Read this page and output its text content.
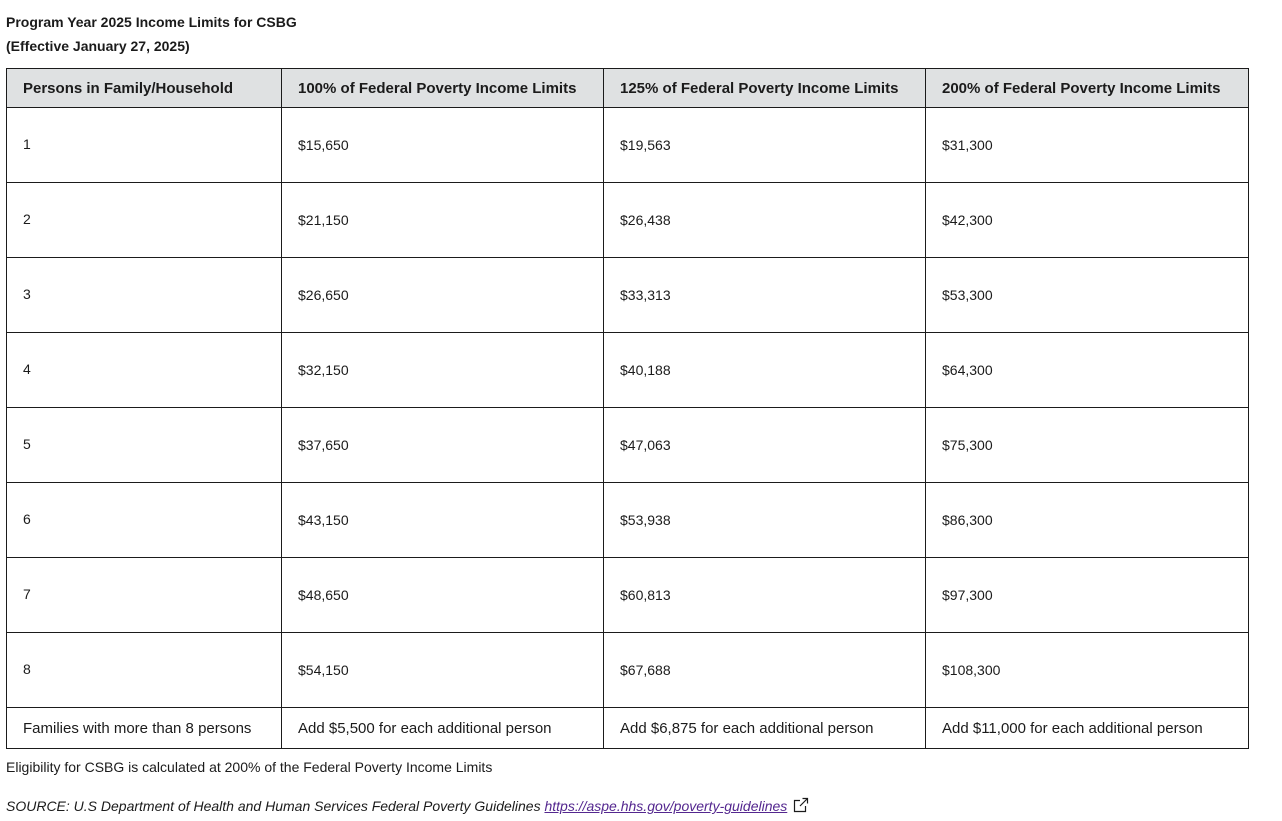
Program Year 2025 Income Limits for CSBG
(Effective January 27, 2025)
Persons in Family/Household	100% of Federal Poverty Income Limits	125% of Federal Poverty Income Limits	200% of Federal Poverty Income Limits
1	$15,650	$19,563	$31,300
2	$21,150	$26,438	$42,300
3	$26,650	$33,313	$53,300
4	$32,150	$40,188	$64,300
5	$37,650	$47,063	$75,300
6	$43,150	$53,938	$86,300
7	$48,650	$60,813	$97,300
8	$54,150	$67,688	$108,300
Families with more than 8 persons	Add $5,500 for each additional person	Add $6,875 for each additional person	Add $11,000 for each additional person
Eligibility for CSBG is calculated at 200% of the Federal Poverty Income Limits
SOURCE: U.S Department of Health and Human Services Federal Poverty Guidelines https://aspe.hhs.gov/poverty-guidelines
